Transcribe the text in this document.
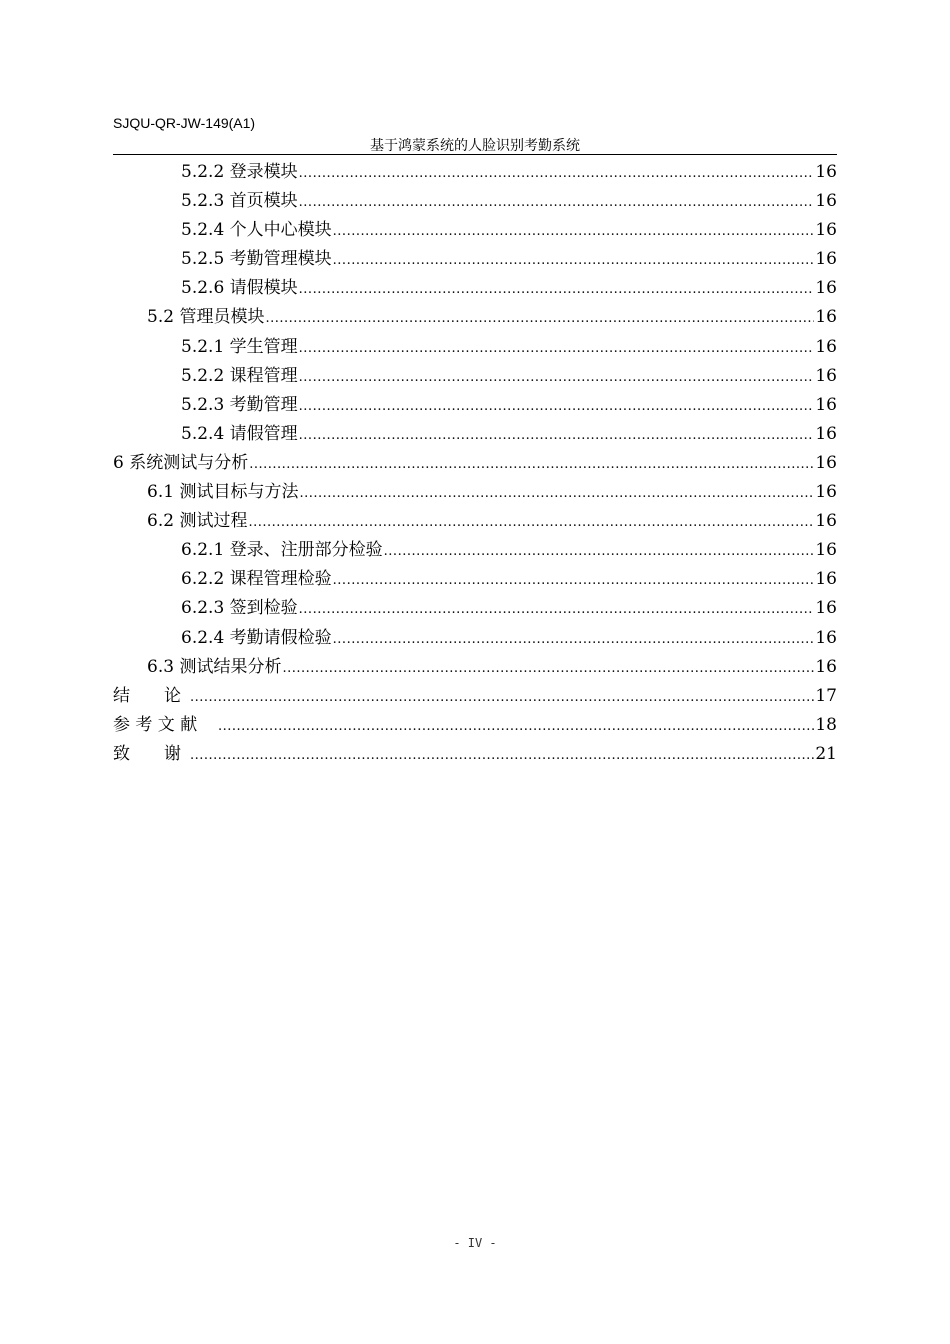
SJQU-QR-JW-149(A1)
基于鸿蒙系统的人脸识别考勤系统
5.2.2 登录模块 .....	16
5.2.3 首页模块 .....	16
5.2.4 个人中心模块 .....	16
5.2.5 考勤管理模块 .....	16
5.2.6 请假模块 .....	16
5.2 管理员模块 .....	16
5.2.1 学生管理 .....	16
5.2.2 课程管理 .....	16
5.2.3 考勤管理 .....	16
5.2.4 请假管理 .....	16
6 系统测试与分析 .....	16
6.1 测试目标与方法 .....	16
6.2 测试过程 .....	16
6.2.1 登录、注册部分检验 .....	16
6.2.2 课程管理检验 .....	16
6.2.3 签到检验 .....	16
6.2.4 考勤请假检验 .....	16
6.3 测试结果分析 .....	16
结　　论 .....	17
参 考 文 献 .....	18
致　　谢 .....	21
- IV -
